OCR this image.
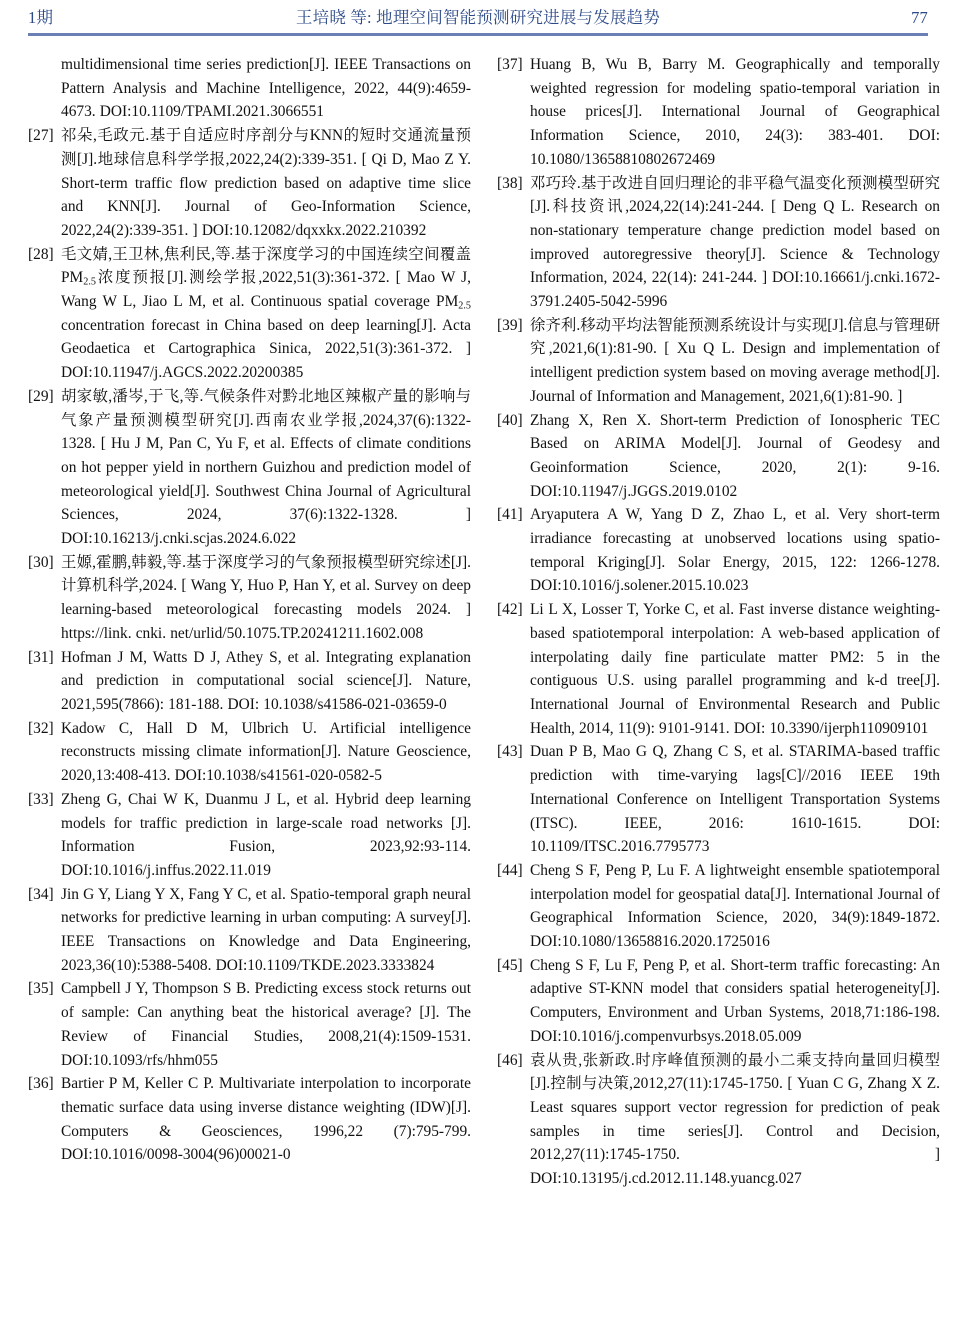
1期	王培晓 等: 地理空间智能预测研究进展与发展趋势	77

multidimensional time series prediction[J]. IEEE Transactions on Pattern Analysis and Machine Intelligence, 2022, 44(9):4659-4673. DOI:10.1109/TPAMI.2021.3066551

[27] 祁朵,毛政元.基于自适应时序剖分与KNN的短时交通流量预测[J].地球信息科学学报,2022,24(2):339-351. [ Qi D, Mao Z Y. Short-term traffic flow prediction based on adaptive time slice and KNN[J]. Journal of Geo-Information Science, 2022,24(2):339-351. ] DOI:10.12082/dqxxkx.2022.210392

[28] 毛文婧,王卫林,焦利民,等.基于深度学习的中国连续空间覆盖$PM_{2.5}$浓度预报[J].测绘学报,2022,51(3):361-372. [ Mao W J, Wang W L, Jiao L M, et al. Continuous spatial coverage $PM_{2.5}$ concentration forecast in China based on deep learning[J]. Acta Geodaetica et Cartographica Sinica, 2022,51(3):361-372. ] DOI:10.11947/j.AGCS.2022.20200385

[29] 胡家敏,潘岑,于飞,等.气候条件对黔北地区辣椒产量的影响与气象产量预测模型研究[J].西南农业学报,2024,37(6):1322-1328. [ Hu J M, Pan C, Yu F, et al. Effects of climate conditions on hot pepper yield in northern Guizhou and prediction model of meteorological yield[J]. Southwest China Journal of Agricultural Sciences, 2024, 37(6):1322-1328. ] DOI:10.16213/j.cnki.scjas.2024.6.022

[30] 王嫄,霍鹏,韩毅,等.基于深度学习的气象预报模型研究综述[J].计算机科学,2024. [ Wang Y, Huo P, Han Y, et al. Survey on deep learning-based meteorological forecasting models 2024. ] https://link. cnki. net/urlid/50.1075.TP.20241211.1602.008

[31] Hofman J M, Watts D J, Athey S, et al. Integrating explanation and prediction in computational social science[J]. Nature, 2021,595(7866): 181-188. DOI: 10.1038/s41586-021-03659-0

[32] Kadow C, Hall D M, Ulbrich U. Artificial intelligence reconstructs missing climate information[J]. Nature Geoscience, 2020,13:408-413. DOI:10.1038/s41561-020-0582-5

[33] Zheng G, Chai W K, Duanmu J L, et al. Hybrid deep learning models for traffic prediction in large-scale road networks [J]. Information Fusion, 2023,92:93-114. DOI:10.1016/j.inffus.2022.11.019

[34] Jin G Y, Liang Y X, Fang Y C, et al. Spatio-temporal graph neural networks for predictive learning in urban computing: A survey[J]. IEEE Transactions on Knowledge and Data Engineering, 2023,36(10):5388-5408. DOI:10.1109/TKDE.2023.3333824

[35] Campbell J Y, Thompson S B. Predicting excess stock returns out of sample: Can anything beat the historical average? [J]. The Review of Financial Studies, 2008,21(4):1509-1531. DOI:10.1093/rfs/hhm055

[36] Bartier P M, Keller C P. Multivariate interpolation to incorporate thematic surface data using inverse distance weighting (IDW)[J]. Computers & Geosciences, 1996,22 (7):795-799. DOI:10.1016/0098-3004(96)00021-0

[37] Huang B, Wu B, Barry M. Geographically and temporally weighted regression for modeling spatio-temporal variation in house prices[J]. International Journal of Geographical Information Science, 2010, 24(3): 383-401. DOI: 10.1080/13658810802672469

[38] 邓巧玲.基于改进自回归理论的非平稳气温变化预测模型研究[J].科技资讯,2024,22(14):241-244. [ Deng Q L. Research on non-stationary temperature change prediction model based on improved autoregressive theory[J]. Science & Technology Information, 2024, 22(14): 241-244. ] DOI:10.16661/j.cnki.1672-3791.2405-5042-5996

[39] 徐齐利.移动平均法智能预测系统设计与实现[J].信息与管理研究,2021,6(1):81-90. [ Xu Q L. Design and implementation of intelligent prediction system based on moving average method[J]. Journal of Information and Management, 2021,6(1):81-90. ]

[40] Zhang X, Ren X. Short-term Prediction of Ionospheric TEC Based on ARIMA Model[J]. Journal of Geodesy and Geoinformation Science, 2020, 2(1): 9-16. DOI:10.11947/j.JGGS.2019.0102

[41] Aryaputera A W, Yang D Z, Zhao L, et al. Very short-term irradiance forecasting at unobserved locations using spatio-temporal Kriging[J]. Solar Energy, 2015, 122: 1266-1278. DOI:10.1016/j.solener.2015.10.023

[42] Li L X, Losser T, Yorke C, et al. Fast inverse distance weighting-based spatiotemporal interpolation: A web-based application of interpolating daily fine particulate matter PM2: 5 in the contiguous U.S. using parallel programming and k-d tree[J]. International Journal of Environmental Research and Public Health, 2014, 11(9): 9101-9141. DOI: 10.3390/ijerph110909101

[43] Duan P B, Mao G Q, Zhang C S, et al. STARIMA-based traffic prediction with time-varying lags[C]//2016 IEEE 19th International Conference on Intelligent Transportation Systems (ITSC). IEEE, 2016: 1610-1615. DOI: 10.1109/ITSC.2016.7795773

[44] Cheng S F, Peng P, Lu F. A lightweight ensemble spatiotemporal interpolation model for geospatial data[J]. International Journal of Geographical Information Science, 2020, 34(9):1849-1872. DOI:10.1080/13658816.2020.1725016

[45] Cheng S F, Lu F, Peng P, et al. Short-term traffic forecasting: An adaptive ST-KNN model that considers spatial heterogeneity[J]. Computers, Environment and Urban Systems, 2018,71:186-198. DOI:10.1016/j.compenvurbsys.2018.05.009

[46] 袁从贵,张新政.时序峰值预测的最小二乘支持向量回归模型[J].控制与决策,2012,27(11):1745-1750. [ Yuan C G, Zhang X Z. Least squares support vector regression for prediction of peak samples in time series[J]. Control and Decision, 2012,27(11):1745-1750. ] DOI:10.13195/j.cd.2012.11.148.yuancg.027
